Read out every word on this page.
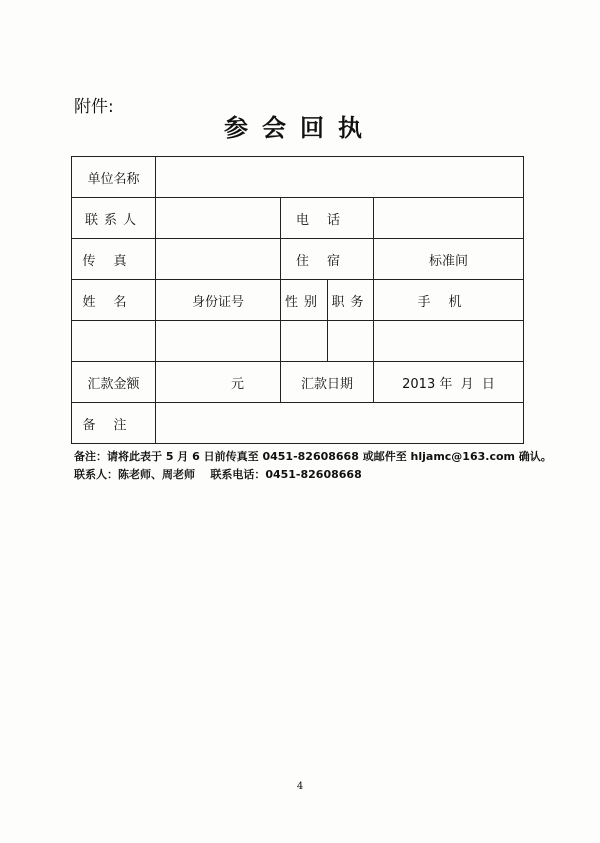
附件:
参会回执
单位名称				
联系人		电话		
传真		住宿		标准间
姓名	身份证号	性别	职务	手机

汇款金额	元	汇款日期		2013 年  月  日
备注				
备注：请将此表于 5 月 6 日前传真至 0451-82608668 或邮件至 hljamc@163.com 确认。
联系人：陈老师、周老师    联系电话：0451-82608668
4
